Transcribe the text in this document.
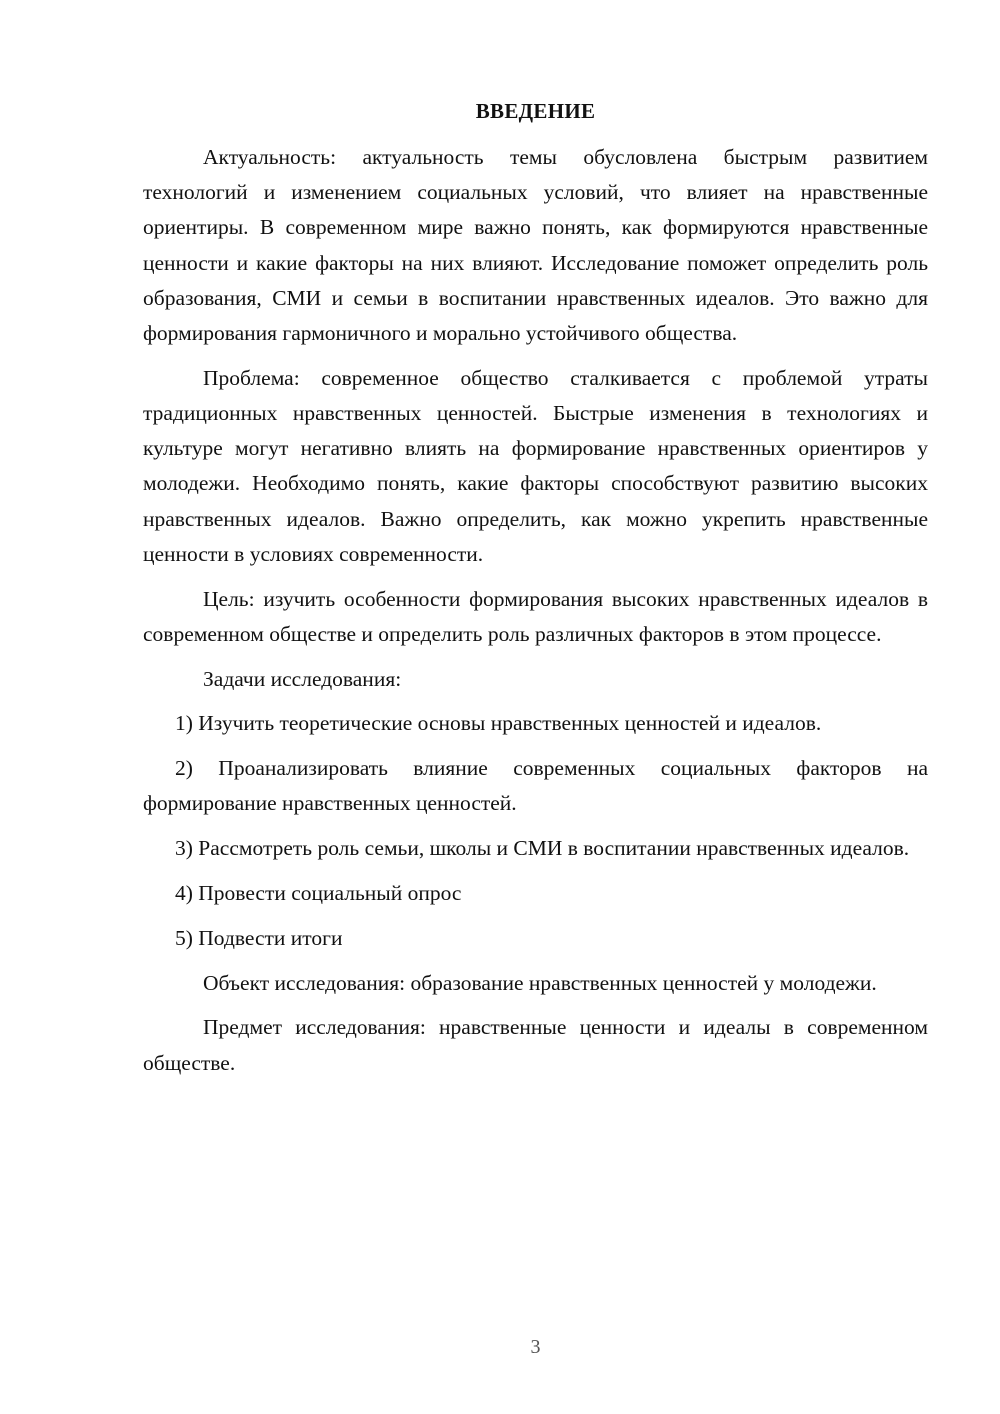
ВВЕДЕНИЕ

Актуальность: актуальность темы обусловлена быстрым развитием технологий и изменением социальных условий, что влияет на нравственные ориентиры. В современном мире важно понять, как формируются нравственные ценности и какие факторы на них влияют. Исследование поможет определить роль образования, СМИ и семьи в воспитании нравственных идеалов. Это важно для формирования гармоничного и морально устойчивого общества.

Проблема: современное общество сталкивается с проблемой утраты традиционных нравственных ценностей. Быстрые изменения в технологиях и культуре могут негативно влиять на формирование нравственных ориентиров у молодежи. Необходимо понять, какие факторы способствуют развитию высоких нравственных идеалов. Важно определить, как можно укрепить нравственные ценности в условиях современности.

Цель: изучить особенности формирования высоких нравственных идеалов в современном обществе и определить роль различных факторов в этом процессе.

Задачи исследования:

1) Изучить теоретические основы нравственных ценностей и идеалов.

2) Проанализировать влияние современных социальных факторов на формирование нравственных ценностей.

3) Рассмотреть роль семьи, школы и СМИ в воспитании нравственных идеалов.

4) Провести социальный опрос

5) Подвести итоги

Объект исследования: образование нравственных ценностей у молодежи.

Предмет исследования: нравственные ценности и идеалы в современном обществе.

3
